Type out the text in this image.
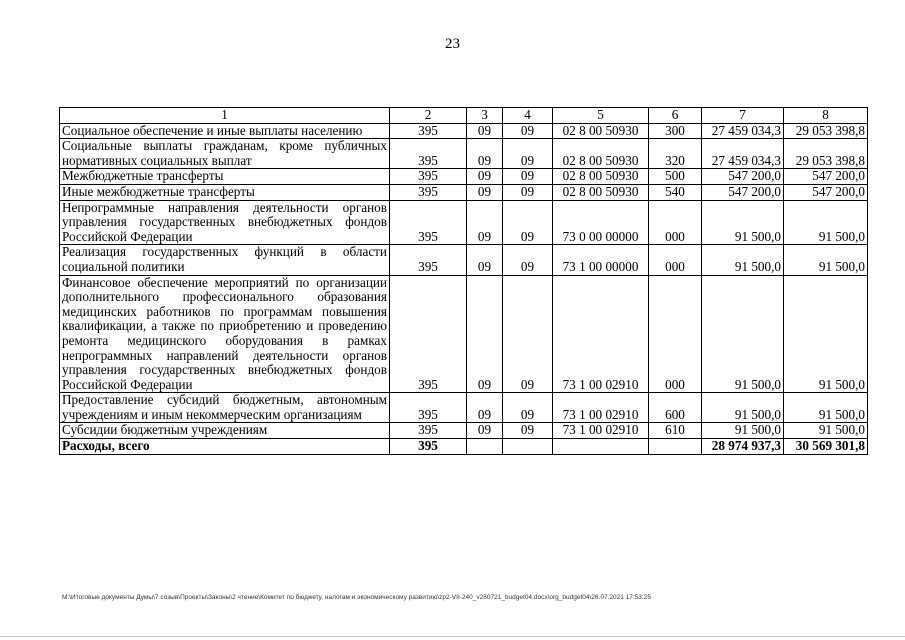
23
1	2	3	4	5	6	7	8
Социальное обеспечение и иные выплаты населению	395	09	09	02 8 00 50930	300	27 459 034,3	29 053 398,8
Социальные выплаты гражданам, кроме публичных нормативных социальных выплат	395	09	09	02 8 00 50930	320	27 459 034,3	29 053 398,8
Межбюджетные трансферты	395	09	09	02 8 00 50930	500	547 200,0	547 200,0
Иные межбюджетные трансферты	395	09	09	02 8 00 50930	540	547 200,0	547 200,0
Непрограммные направления деятельности органов управления государственных внебюджетных фондов Российской Федерации	395	09	09	73 0 00 00000	000	91 500,0	91 500,0
Реализация государственных функций в области социальной политики	395	09	09	73 1 00 00000	000	91 500,0	91 500,0
Финансовое обеспечение мероприятий по организации дополнительного профессионального образования медицинских работников по программам повышения квалификации, а также по приобретению и проведению ремонта медицинского оборудования в рамках непрограммных направлений деятельности органов управления государственных внебюджетных фондов Российской Федерации	395	09	09	73 1 00 02910	000	91 500,0	91 500,0
Предоставление субсидий бюджетным, автономным учреждениям и иным некоммерческим организациям	395	09	09	73 1 00 02910	600	91 500,0	91 500,0
Субсидии бюджетным учреждениям	395	09	09	73 1 00 02910	610	91 500,0	91 500,0
Расходы, всего	395					28 974 937,3	30 569 301,8
M:\Итоговые документы Думы\7 созыв\Проекты\Законы\2 чтение\Комитет по бюджету, налогам и экономическому развитию\zp2-VII-240_v280721_budget04.docx\org_budget04\26.07.2021 17:53:25
